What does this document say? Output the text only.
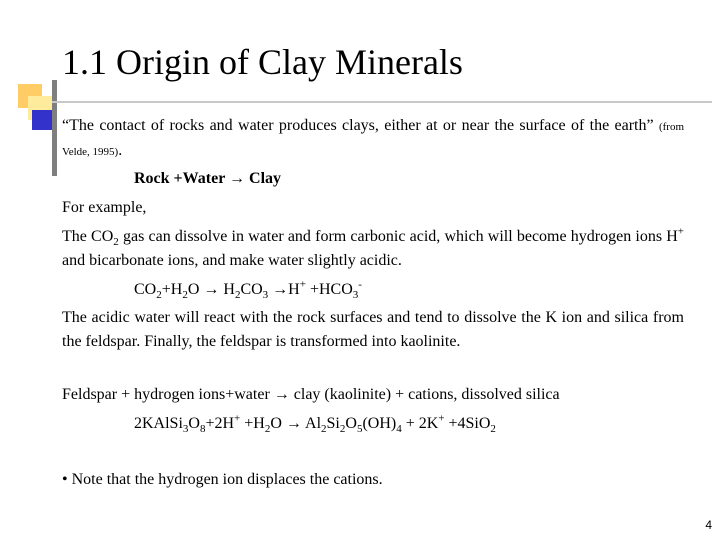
1.1 Origin of Clay Minerals
“The contact of rocks and water produces clays, either at or near the surface of the earth” (from Velde, 1995).
Rock +Water → Clay
For example,
The $CO_2$ gas can dissolve in water and form carbonic acid, which will become hydrogen ions H+ and bicarbonate ions, and make water slightly acidic.
$CO_2+H_2O \to H_2CO_3 \to H^+ +HCO_3^-$
The acidic water will react with the rock surfaces and tend to dissolve the K ion and silica from the feldspar. Finally, the feldspar is transformed into kaolinite.
Feldspar + hydrogen ions+water → clay (kaolinite) + cations, dissolved silica
$2KAlSi_3O_8+2H^+ +H_2O \to Al_2Si_2O_5(OH)_4 + 2K^+ +4SiO_2$
• Note that the hydrogen ion displaces the cations.
4
